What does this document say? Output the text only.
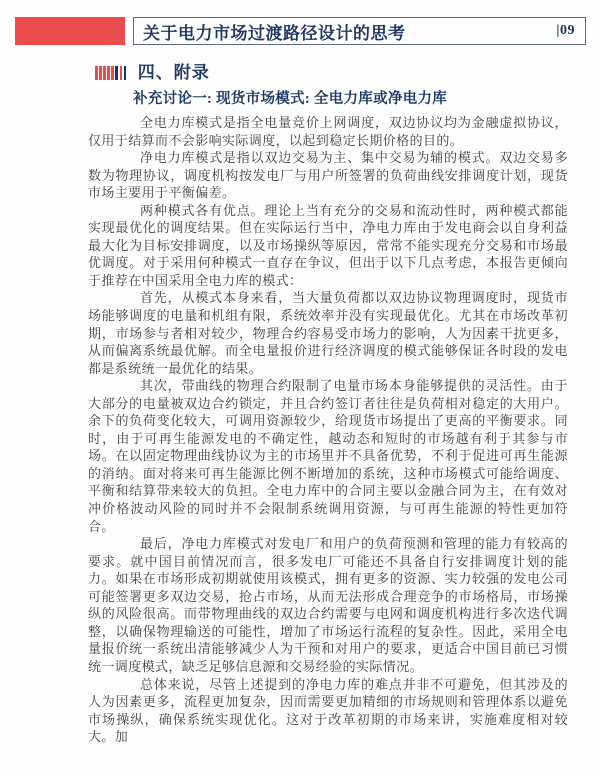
关于电力市场过渡路径设计的思考	|09
四、附录
补充讨论一: 现货市场模式: 全电力库或净电力库

全电力库模式是指全电量竞价上网调度，双边协议均为金融虚拟协议，仅用于结算而不会影响实际调度，以起到稳定长期价格的目的。

净电力库模式是指以双边交易为主、集中交易为辅的模式。双边交易多数为物理协议，调度机构按发电厂与用户所签署的负荷曲线安排调度计划，现货市场主要用于平衡偏差。

两种模式各有优点。理论上当有充分的交易和流动性时，两种模式都能实现最优化的调度结果。但在实际运行当中，净电力库由于发电商会以自身利益最大化为目标安排调度，以及市场操纵等原因，常常不能实现充分交易和市场最优调度。对于采用何种模式一直存在争议，但出于以下几点考虑，本报告更倾向于推荐在中国采用全电力库的模式：

首先，从模式本身来看，当大量负荷都以双边协议物理调度时，现货市场能够调度的电量和机组有限，系统效率并没有实现最优化。尤其在市场改革初期，市场参与者相对较少，物理合约容易受市场力的影响，人为因素干扰更多，从而偏离系统最优解。而全电量报价进行经济调度的模式能够保证各时段的发电都是系统统一最优化的结果。

其次，带曲线的物理合约限制了电量市场本身能够提供的灵活性。由于大部分的电量被双边合约锁定，并且合约签订者往往是负荷相对稳定的大用户。余下的负荷变化较大，可调用资源较少，给现货市场提出了更高的平衡要求。同时，由于可再生能源发电的不确定性，越动态和短时的市场越有利于其参与市场。在以固定物理曲线协议为主的市场里并不具备优势，不利于促进可再生能源的消纳。面对将来可再生能源比例不断增加的系统，这种市场模式可能给调度、平衡和结算带来较大的负担。全电力库中的合同主要以金融合同为主，在有效对冲价格波动风险的同时并不会限制系统调用资源，与可再生能源的特性更加符合。

最后，净电力库模式对发电厂和用户的负荷预测和管理的能力有较高的要求。就中国目前情况而言，很多发电厂可能还不具备自行安排调度计划的能力。如果在市场形成初期就使用该模式，拥有更多的资源、实力较强的发电公司可能签署更多双边交易，抢占市场，从而无法形成合理竞争的市场格局，市场操纵的风险很高。而带物理曲线的双边合约需要与电网和调度机构进行多次迭代调整，以确保物理输送的可能性，增加了市场运行流程的复杂性。因此，采用全电量报价统一系统出清能够减少人为干预和对用户的要求，更适合中国目前已习惯统一调度模式，缺乏足够信息源和交易经验的实际情况。

总体来说，尽管上述提到的净电力库的难点并非不可避免，但其涉及的人为因素更多，流程更加复杂，因而需要更加精细的市场规则和管理体系以避免市场操纵，确保系统实现优化。这对于改革初期的市场来讲，实施难度相对较大。加
